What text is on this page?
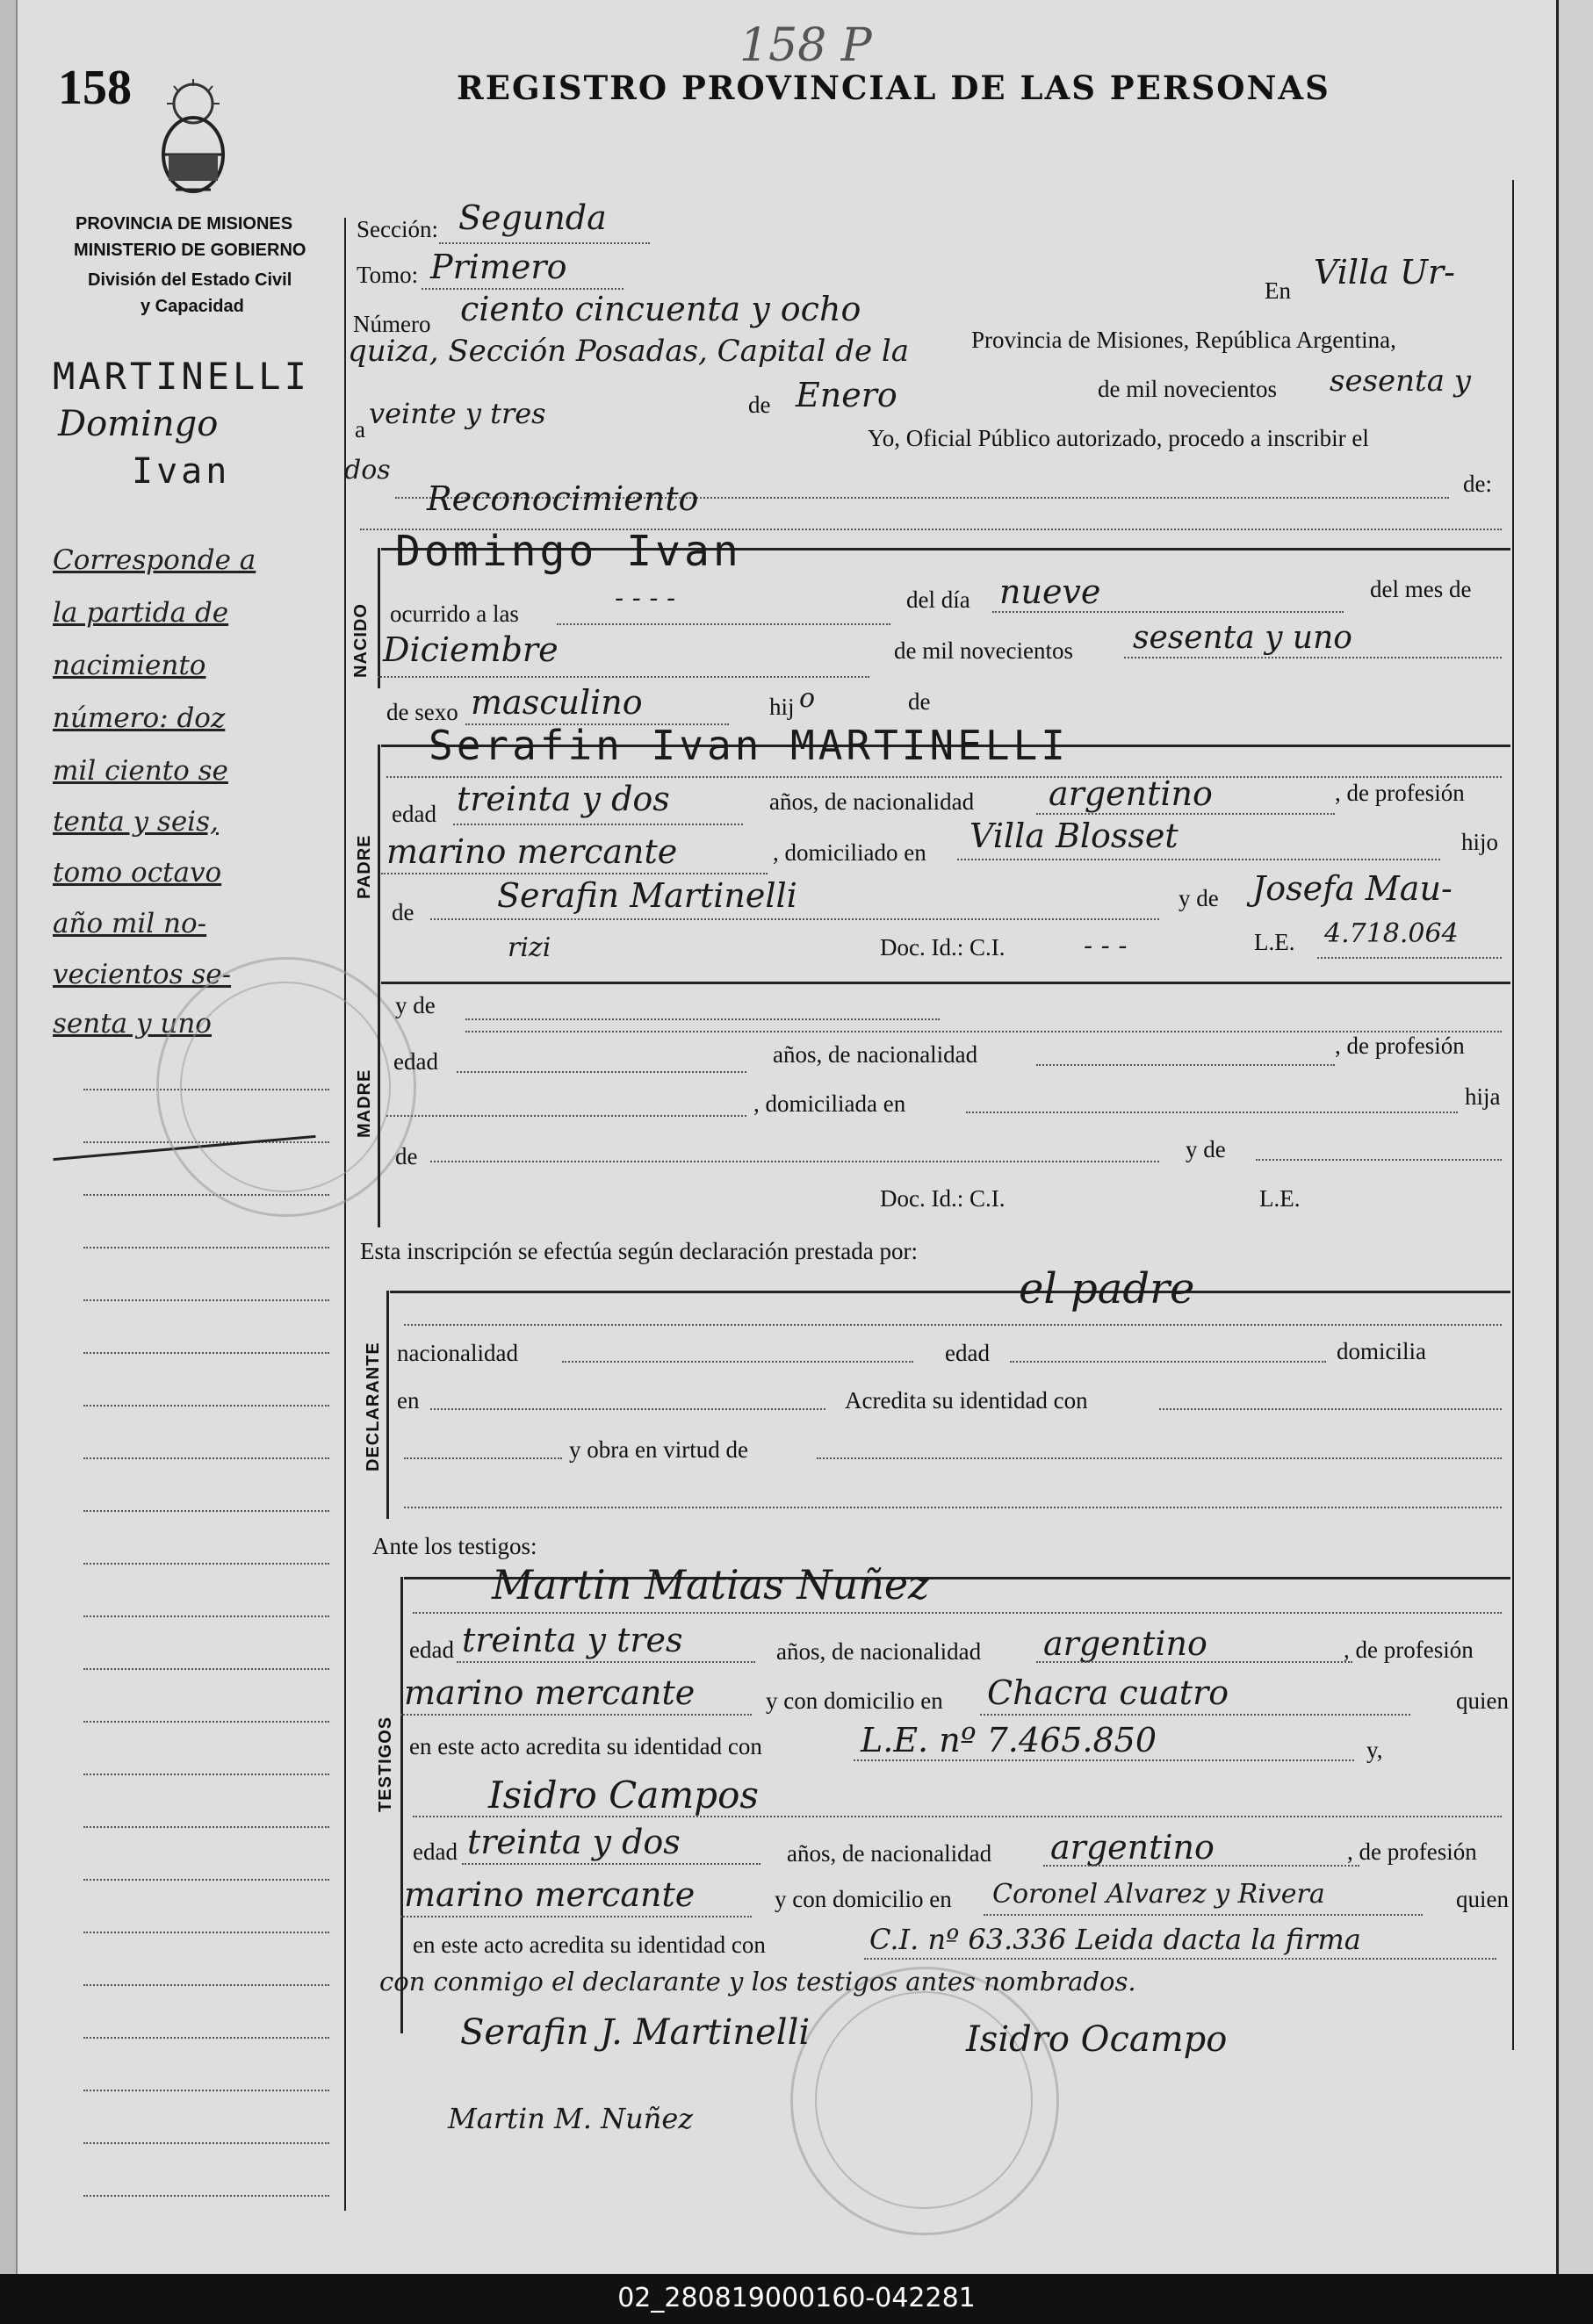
158
158 P
REGISTRO PROVINCIAL DE LAS PERSONAS
PROVINCIA DE MISIONES
MINISTERIO DE GOBIERNO
División del Estado Civil
y Capacidad
MARTINELLI
Domingo
Ivan
Corresponde a
la partida de
nacimiento
número: doz
mil ciento se
tenta y seis,
tomo octavo
año mil no-
vecientos se-
senta y uno
Sección: Segunda
Tomo: Primero
En Villa Ur-
Número ciento cincuenta y ocho
quiza, Sección Posadas, Capital de la	Provincia de Misiones, República Argentina,
a veinte y tres	de Enero	de mil novecientos sesenta y
Yo, Oficial Público autorizado, procedo a inscribir el
dos	de:
Reconocimiento
NACIDO
Domingo Ivan
ocurrido a las	- - - -	del día nueve	del mes de
Diciembre	de mil novecientos sesenta y uno
de sexo masculino	hij o	de
PADRE
Serafin Ivan MARTINELLI
edad treinta y dos	años, de nacionalidad argentino	, de profesión
marino mercante	, domiciliado en Villa Blosset	hijo
de Serafin Martinelli	y de Josefa Mau-
rizi	Doc. Id.: C.I.	- - -	L.E. 4.718.064
MADRE
y de
edad	años, de nacionalidad	, de profesión
, domiciliada en	hija
de	y de
Doc. Id.: C.I.	L.E.
Esta inscripción se efectúa según declaración prestada por:
DECLARANTE
el padre
nacionalidad	edad	domicilia
en	Acredita su identidad con
y obra en virtud de
Ante los testigos:
TESTIGOS
Martin Matias Nuñez
edad treinta y tres	años, de nacionalidad argentino	, de profesión
marino mercante	y con domicilio en Chacra cuatro	quien
en este acto acredita su identidad con	L.E. nº 7.465.850	y,
Isidro Campos
edad treinta y dos	años, de nacionalidad argentino	, de profesión
marino mercante	y con domicilio en Coronel Alvarez y Rivera	quien
en este acto acredita su identidad con	C.I. nº 63.336 Leida dacta la firma
con conmigo el declarante y los testigos antes nombrados.
Serafin J. Martinelli	Isidro Ocampo
Martin M. Nuñez
02_280819000160-042281
